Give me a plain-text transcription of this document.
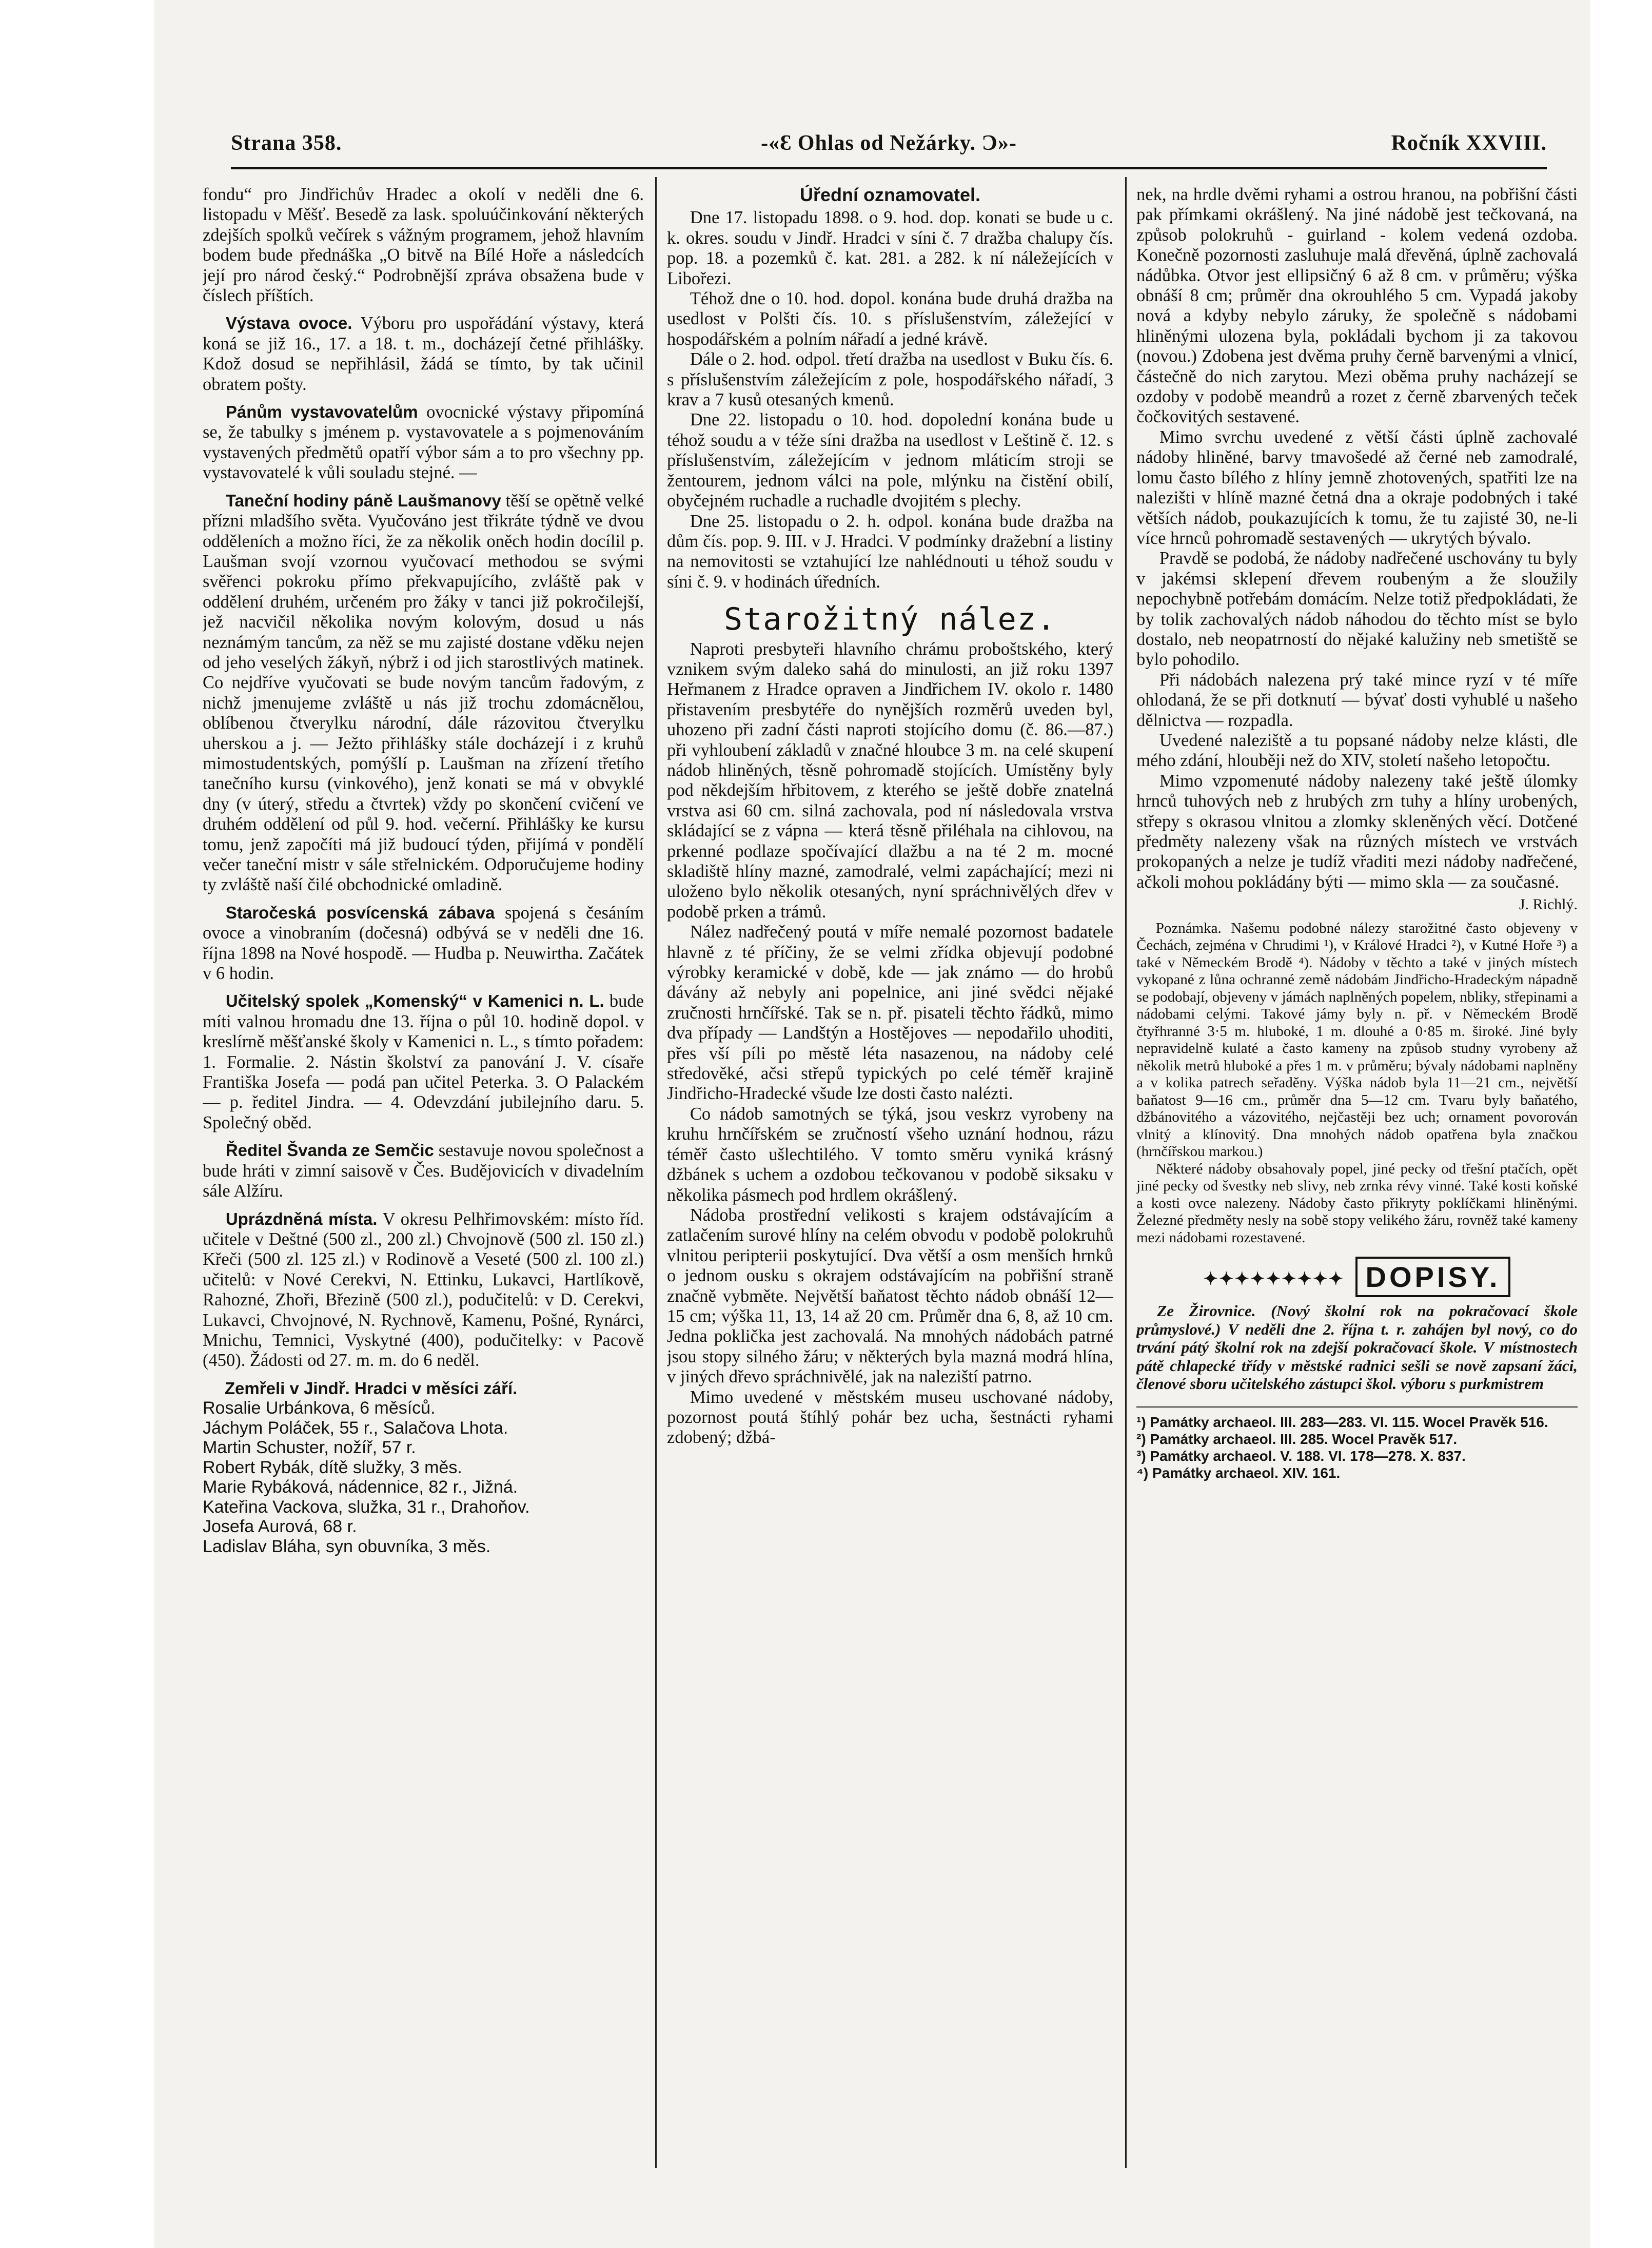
Strana 358.	-«Ɛ Ohlas od Nežárky. Ɔ»-	Ročník XXVIII.

fondu“ pro Jindřichův Hradec a okolí v neděli dne 6. listopadu v Měšť. Besedě za lask. spoluúčinkování některých zdejších spolků večírek s vážným programem, jehož hlavním bodem bude přednáška „O bitvě na Bílé Hoře a následcích její pro národ český.“ Podrobnější zpráva obsažena bude v číslech příštích.

Výstava ovoce. Výboru pro uspořádání výstavy, která koná se již 16., 17. a 18. t. m., docházejí četné přihlášky. Kdož dosud se nepřihlásil, žádá se tímto, by tak učinil obratem pošty.

Pánům vystavovatelům ovocnické výstavy připomíná se, že tabulky s jménem p. vystavovatele a s pojmenováním vystavených předmětů opatří výbor sám a to pro všechny pp. vystavovatelé k vůli souladu stejné. —

Taneční hodiny páně Laušmanovy těší se opětně velké přízni mladšího světa. Vyučováno jest třikráte týdně ve dvou odděleních a možno říci, že za několik oněch hodin docílil p. Laušman svojí vzornou vyučovací methodou se svými svěřenci pokroku přímo překvapujícího, zvláště pak v oddělení druhém, určeném pro žáky v tanci již pokročilejší, jež nacvičil několika novým kolovým, dosud u nás neznámým tancům, za něž se mu zajisté dostane vděku nejen od jeho veselých žákyň, nýbrž i od jich starostlivých matinek. Co nejdříve vyučovati se bude novým tancům řadovým, z nichž jmenujeme zvláště u nás již trochu zdomácnělou, oblíbenou čtverylku národní, dále rázovitou čtverylku uherskou a j. — Ježto přihlášky stále docházejí i z kruhů mimostudentských, pomýšlí p. Laušman na zřízení třetího tanečního kursu (vinkovéhо), jenž konati se má v obvyklé dny (v úterý, středu a čtvrtek) vždy po skončení cvičení ve druhém oddělení od půl 9. hod. večerní. Přihlášky ke kursu tomu, jenž započíti má již budoucí týden, přijímá v pondělí večer taneční mistr v sále střelnickém. Odporučujeme hodiny ty zvláště naší čilé obchodnické omladině.

Staročeská posvícenská zábava spojená s česáním ovoce a vinobraním (dočesná) odbývá se v neděli dne 16. října 1898 na Nové hospodě. — Hudba p. Neuwirtha. Začátek v 6 hodin.

Učitelský spolek „Komenský“ v Kamenici n. L. bude míti valnou hromadu dne 13. října o půl 10. hodině dopol. v kreslírně měšťanské školy v Kamenici n. L., s tímto pořadem: 1. Formalie. 2. Nástin školství za panování J. V. císaře Františka Josefa — podá pan učitel Peterka. 3. O Palackém — p. ředitel Jindra. — 4. Odevzdání jubilejního daru. 5. Společný oběd.

Ředitel Švanda ze Semčic sestavuje novou společnost a bude hráti v zimní saisově v Čes. Budějovicích v divadelním sále Alžíru.

Uprázdněná místa. V okresu Pelhřimovském: místo říd. učitele v Deštné (500 zl., 200 zl.) Chvojnově (500 zl. 150 zl.) Křeči (500 zl. 125 zl.) v Rodinově a Veseté (500 zl. 100 zl.) učitelů: v Nové Cerekvi, N. Ettinku, Lukavci, Hartlíkově, Rahozné, Zhoři, Březině (500 zl.), podučitelů: v D. Cerekvi, Lukavci, Chvojnové, N. Rychnově, Kamenu, Pošné, Rynárci, Mnichu, Temnici, Vyskytné (400), podučitelky: v Pacově (450). Žádosti od 27. m. m. do 6 neděl.

Zemřeli v Jindř. Hradci v měsíci září.

Rosalie Urbánkova, 6 měsíců.

Jáchym Poláček, 55 r., Salačova Lhota.

Martin Schuster, nožíř, 57 r.

Robert Rybák, dítě služky, 3 měs.

Marie Rybáková, nádennice, 82 r., Jižná.

Kateřina Vackova, služka, 31 r., Drahoňov.

Josefa Aurová, 68 r.

Ladislav Bláha, syn obuvníka, 3 měs.

Úřední oznamovatel.

Dne 17. listopadu 1898. o 9. hod. dop. konati se bude u c. k. okres. soudu v Jindř. Hradci v síni č. 7 dražba chalupy čís. pop. 18. a pozemků č. kat. 281. a 282. k ní náležejících v Libořezi.

Téhož dne o 10. hod. dopol. konána bude druhá dražba na usedlost v Polšti čís. 10. s příslušenstvím, záležející v hospodářském a polním nářadí a jedné krávě.

Dále o 2. hod. odpol. třetí dražba na usedlost v Buku čís. 6. s příslušenstvím záležejícím z pole, hospodářského nářadí, 3 krav a 7 kusů otesaných kmenů.

Dne 22. listopadu o 10. hod. dopolední konána bude u téhož soudu a v téže síni dražba na usedlost v Leštině č. 12. s příslušenstvím, záležejícím v jednom mláticím stroji se žentourem, jednom válci na pole, mlýnku na čistění obilí, obyčejném ruchadle a ruchadle dvojitém s plechy.

Dne 25. listopadu o 2. h. odpol. konána bude dražba na dům čís. pop. 9. III. v J. Hradci. V podmínky dražební a listiny na nemovitosti se vztahující lze nahlédnouti u téhož soudu v síni č. 9. v hodinách úředních.

Starožitný nález.

Naproti presbyteři hlavního chrámu proboštského, který vznikem svým daleko sahá do minulosti, an již roku 1397 Heřmanem z Hradce opraven a Jindřichem IV. okolo r. 1480 přistavením presbytéře do nynějších rozměrů uveden byl, uhozeno při zadní části naproti stojícího domu (č. 86.—87.) při vyhloubení základů v značné hloubce 3 m. na celé skupení nádob hliněných, těsně pohromadě stojících. Umístěny byly pod někdejším hřbitovem, z kterého se ještě dobře znatelná vrstva asi 60 cm. silná zachovala, pod ní následovala vrstva skládající se z vápna — která těsně přiléhala na cihlovou, na prkenné podlaze spočívající dlažbu a na té 2 m. mocné skladiště hlíny mazné, zamodralé, velmi zapáchající; mezi ni uloženo bylo několik otesaných, nyní spráchnivělých dřev v podobě prken a trámů.

Nález nadřečený poutá v míře nemalé pozornost badatele hlavně z té příčiny, že se velmi zřídka objevují podobné výrobky keramické v době, kde — jak známo — do hrobů dávány až nebyly ani popelnice, ani jiné svědci nějaké zručnosti hrnčířské. Tak se n. př. pisateli těchto řádků, mimo dva případy — Landštýn a Hostějoves — nepodařilo uhoditi, přes vší píli po městě léta nasazenou, na nádoby celé středověké, ačsi střepů typických po celé téměř krajině Jindřicho-Hradecké všude lze dosti často nalézti.

Co nádob samotných se týká, jsou veskrz vyrobeny na kruhu hrnčířském se zručností všeho uznání hodnou, rázu téměř často ušlechtilého. V tomto směru vyniká krásný džbánek s uchem a ozdobou tečkovanou v podobě siksaku v několika pásmech pod hrdlem okrášlený.

Nádoba prostřední velikosti s krajem odstávajícím a zatlačením surové hlíny na celém obvodu v podobě polokruhů vlnitou peripterii poskytující. Dva větší a osm menších hrnků o jednom ousku s okrajem odstávajícím na pobřišní straně značně vybměte. Největší baňatost těchto nádob obnáší 12—15 cm; výška 11, 13, 14 až 20 cm. Průměr dna 6, 8, až 10 cm. Jedna poklička jest zachovalá. Na mnohých nádobách patrné jsou stopy silného žáru; v některých byla mazná modrá hlína, v jiných dřevo spráchnivělé, jak na naleziští patrno.

Mimo uvedené v městském museu uschované nádoby, pozornost poutá štíhlý pohár bez ucha, šestnácti ryhami zdobený; džbá-

nek, na hrdle dvěmi ryhami a ostrou hranou, na pobřišní části pak přímkami okrášlený. Na jiné nádobě jest tečkovaná, na způsob polokruhů - guirland - kolem vedená ozdoba. Konečně pozornosti zasluhuje malá dřevěná, úplně zachovalá nádůbka. Otvor jest ellipsičný 6 až 8 cm. v průměru; výška obnáší 8 cm; průměr dna okrouhlého 5 cm. Vypadá jakoby nová a kdyby nebylo záruky, že společně s nádobami hliněnými ulozena byla, pokládali bychom ji za takovou (novou.) Zdobena jest dvěma pruhy černě barvenými a vlnicí, částečně do nich zarytou. Mezi oběma pruhy nacházejí se ozdoby v podobě meandrů a rozet z černě zbarvených teček čočkovitých sestavené.

Mimo svrchu uvedené z větší části úplně zachovalé nádoby hliněné, barvy tmavošedé až černé neb zamodralé, lomu často bílého z hlíny jemně zhotovených, spatřiti lze na nalezišti v hlíně mazné četná dna a okraje podobných i také větších nádob, poukazujících k tomu, že tu zajisté 30, ne-li více hrnců pohromadě sestavených — ukrytých bývalo.

Pravdě se podobá, že nádoby nadřečené uschovány tu byly v jakémsi sklepení dřevem roubeným a že sloužily nepochybně potřebám domácím. Nelze totiž předpokládati, že by tolik zachovalých nádob náhodou do těchto míst se bylo dostalo, neb neopatrností do nějaké kalužiny neb smetiště se bylo pohodilo.

Při nádobách nalezena prý také mince ryzí v té míře ohlodaná, že se při dotknutí — bývať dosti vyhublé u našeho dělnictva — rozpadla.

Uvedené naleziště a tu popsané nádoby nelze klásti, dle mého zdání, hlouběji než do XIV, století našeho letopočtu.

Mimo vzpomenuté nádoby nalezeny také ještě úlomky hrnců tuhových neb z hrubých zrn tuhy a hlíny urobených, střepy s okrasou vlnitou a zlomky skleněných věcí. Dotčené předměty nalezeny však na různých místech ve vrstvách prokopaných a nelze je tudíž vřaditi mezi nádoby nadřečené, ačkoli mohou pokládány býti — mimo skla — za současné.

J. Richlý.

Poznámka. Našemu podobné nálezy starožitné často objeveny v Čechách, zejména v Chrudimi ¹), v Králové Hradci ²), v Kutné Hoře ³) a také v Německém Brodě ⁴). Nádoby v těchto a také v jiných místech vykopané z lůna ochranné země nádobám Jindřicho-Hradeckým nápadně se podobají, objeveny v jámách naplněných popelem, nbliky, střepinami a nádobami celými. Takové jámy byly n. př. v Německém Brodě čtyřhranné 3·5 m. hluboké, 1 m. dlouhé a 0·85 m. široké. Jiné byly nepravidelně kulaté a často kameny na způsob studny vyrobeny až několik metrů hluboké a přes 1 m. v průměru; bývaly nádobami naplněny a v kolika patrech seřaděny. Výška nádob byla 11—21 cm., největší baňatost 9—16 cm., průměr dna 5—12 cm. Tvaru byly baňatého, džbánovitého a vázovitého, nejčastěji bez uch; ornament povorován vlnitý a klínovitý. Dna mnohých nádob opatřena byla značkou (hrnčířskou markou.)

Některé nádoby obsahovaly popel, jiné pecky od třešní ptačích, opět jiné pecky od švestky neb slivy, neb zrnka révy vinné. Také kosti koňské a kosti ovce nalezeny. Nádoby často přikryty poklíčkami hliněnými. Železné předměty nesly na sobě stopy velikého žáru, rovněž také kameny mezi nádobami rozestavené.

✦✦✦✦✦✦✦✦✦ DOPISY.

Ze Žirovnice. (Nový školní rok na pokračovací škole průmyslové.) V neděli dne 2. října t. r. zahájen byl nový, co do trvání pátý školní rok na zdejší pokračovací škole. V místnostech pátě chlapecké třídy v městské radnici sešli se nově zapsaní žáci, členové sboru učitelského zástupci škol. výboru s purkmistrem

¹) Památky archaeol. III. 283—283. VI. 115. Wocel Pravěk 516.
²) Památky archaeol. III. 285. Wocel Pravěk 517.
³) Památky archaeol. V. 188. VI. 178—278. X. 837.
⁴) Památky archaeol. XIV. 161.
